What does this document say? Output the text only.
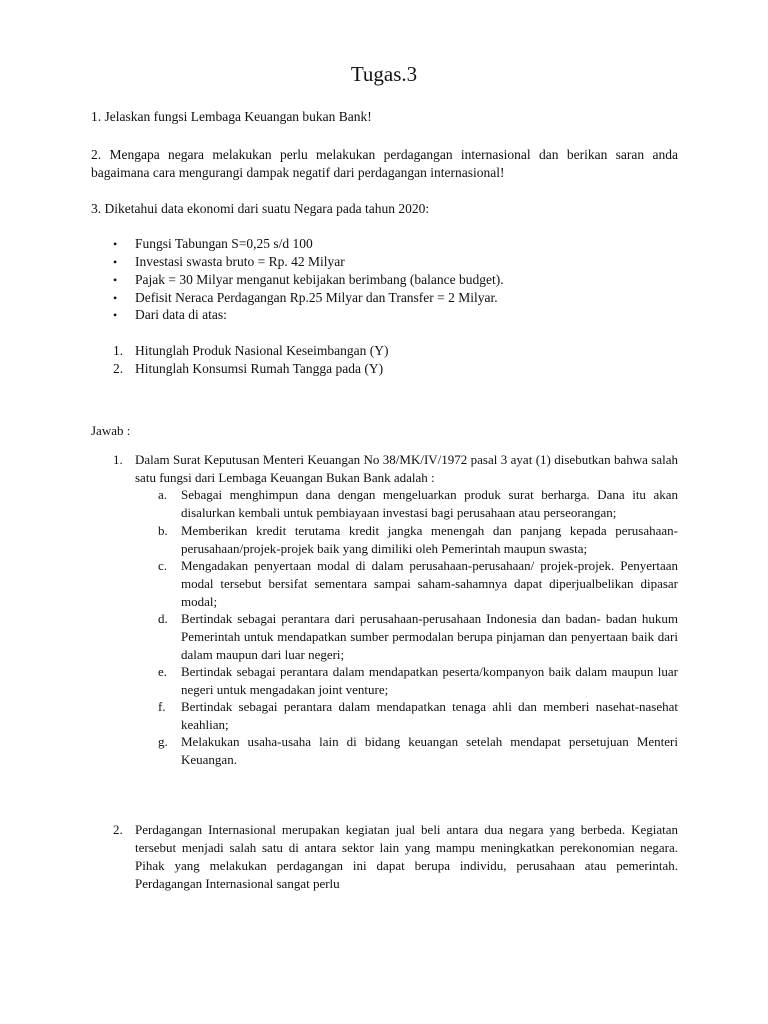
Tugas.3
1. Jelaskan fungsi Lembaga Keuangan bukan Bank!
2. Mengapa negara melakukan perlu melakukan perdagangan internasional dan berikan saran anda bagaimana cara mengurangi dampak negatif dari perdagangan internasional!
3. Diketahui data ekonomi dari suatu Negara pada tahun 2020:
• Fungsi Tabungan S=0,25 s/d 100
• Investasi swasta bruto = Rp. 42 Milyar
• Pajak = 30 Milyar menganut kebijakan berimbang (balance budget).
• Defisit Neraca Perdagangan Rp.25 Milyar dan Transfer = 2 Milyar.
• Dari data di atas:
1. Hitunglah Produk Nasional Keseimbangan (Y)
2. Hitunglah Konsumsi Rumah Tangga pada (Y)
Jawab :
1. Dalam Surat Keputusan Menteri Keuangan No 38/MK/IV/1972 pasal 3 ayat (1) disebutkan bahwa salah satu fungsi dari Lembaga Keuangan Bukan Bank adalah :
a. Sebagai menghimpun dana dengan mengeluarkan produk surat berharga. Dana itu akan disalurkan kembali untuk pembiayaan investasi bagi perusahaan atau perseorangan;
b. Memberikan kredit terutama kredit jangka menengah dan panjang kepada perusahaan-perusahaan/projek-projek baik yang dimiliki oleh Pemerintah maupun swasta;
c. Mengadakan penyertaan modal di dalam perusahaan-perusahaan/ projek-projek. Penyertaan modal tersebut bersifat sementara sampai saham-sahamnya dapat diperjualbelikan dipasar modal;
d. Bertindak sebagai perantara dari perusahaan-perusahaan Indonesia dan badan- badan hukum Pemerintah untuk mendapatkan sumber permodalan berupa pinjaman dan penyertaan baik dari dalam maupun dari luar negeri;
e. Bertindak sebagai perantara dalam mendapatkan peserta/kompanyon baik dalam maupun luar negeri untuk mengadakan joint venture;
f. Bertindak sebagai perantara dalam mendapatkan tenaga ahli dan memberi nasehat-nasehat keahlian;
g. Melakukan usaha-usaha lain di bidang keuangan setelah mendapat persetujuan Menteri Keuangan.
2. Perdagangan Internasional merupakan kegiatan jual beli antara dua negara yang berbeda. Kegiatan tersebut menjadi salah satu di antara sektor lain yang mampu meningkatkan perekonomian negara. Pihak yang melakukan perdagangan ini dapat berupa individu, perusahaan atau pemerintah. Perdagangan Internasional sangat perlu
